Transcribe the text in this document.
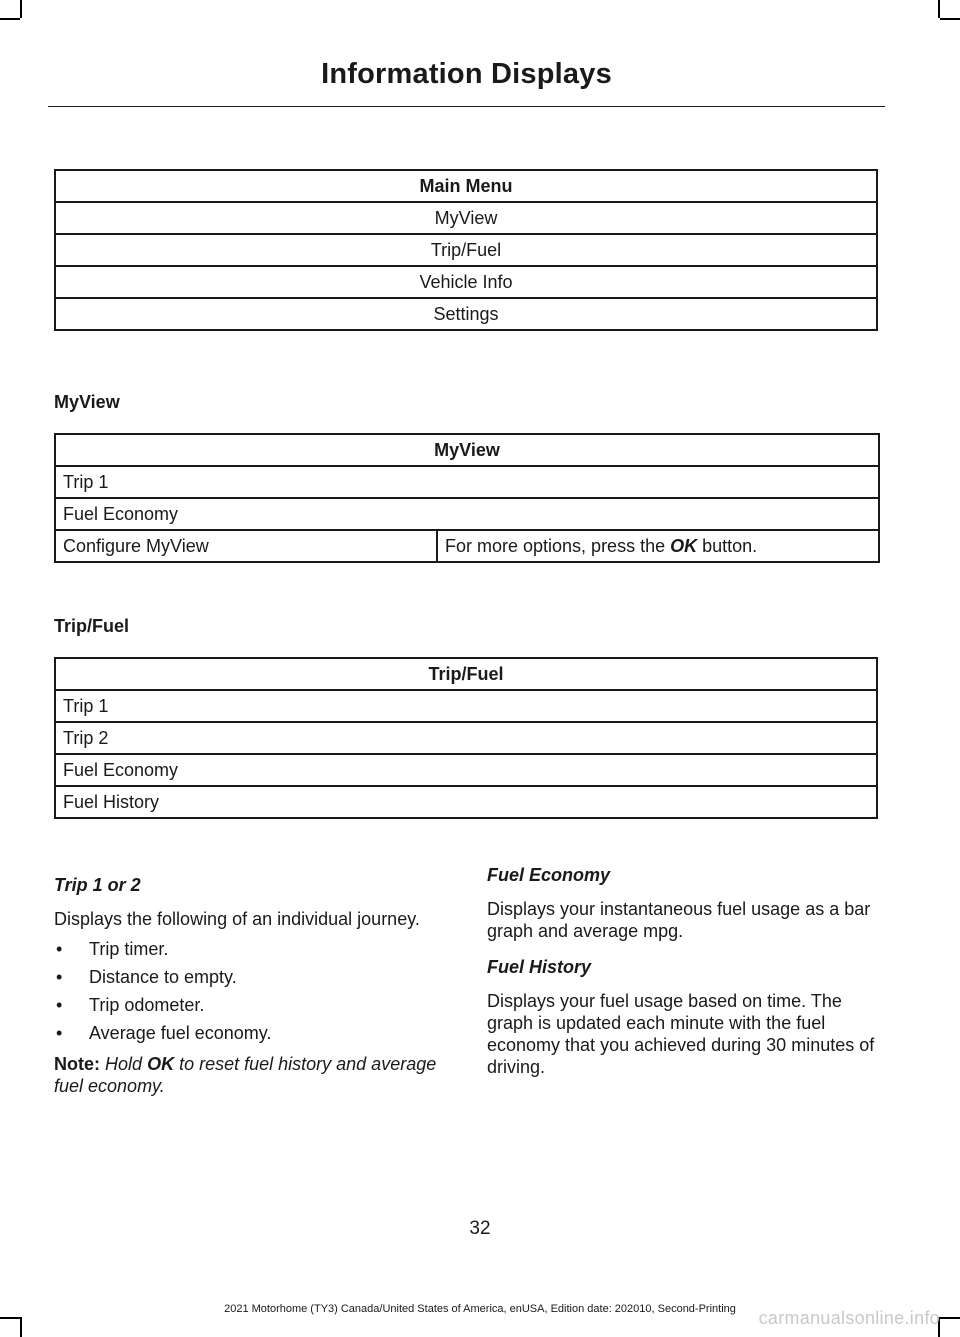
Information Displays
Main Menu
MyView
Trip/Fuel
Vehicle Info
Settings
MyView
MyView
Trip 1
Fuel Economy
Configure MyView	For more options, press the OK button.
Trip/Fuel
Trip/Fuel
Trip 1
Trip 2
Fuel Economy
Fuel History

Trip 1 or 2

Displays the following of an individual journey.

• Trip timer.

• Distance to empty.

• Trip odometer.

• Average fuel economy.

Note: Hold OK to reset fuel history and average fuel economy.

Fuel Economy

Displays your instantaneous fuel usage as a bar graph and average mpg.

Fuel History

Displays your fuel usage based on time. The graph is updated each minute with the fuel economy that you achieved during 30 minutes of driving.

32
2021 Motorhome (TY3) Canada/United States of America, enUSA, Edition date: 202010, Second-Printing	carmanualsonline.info
